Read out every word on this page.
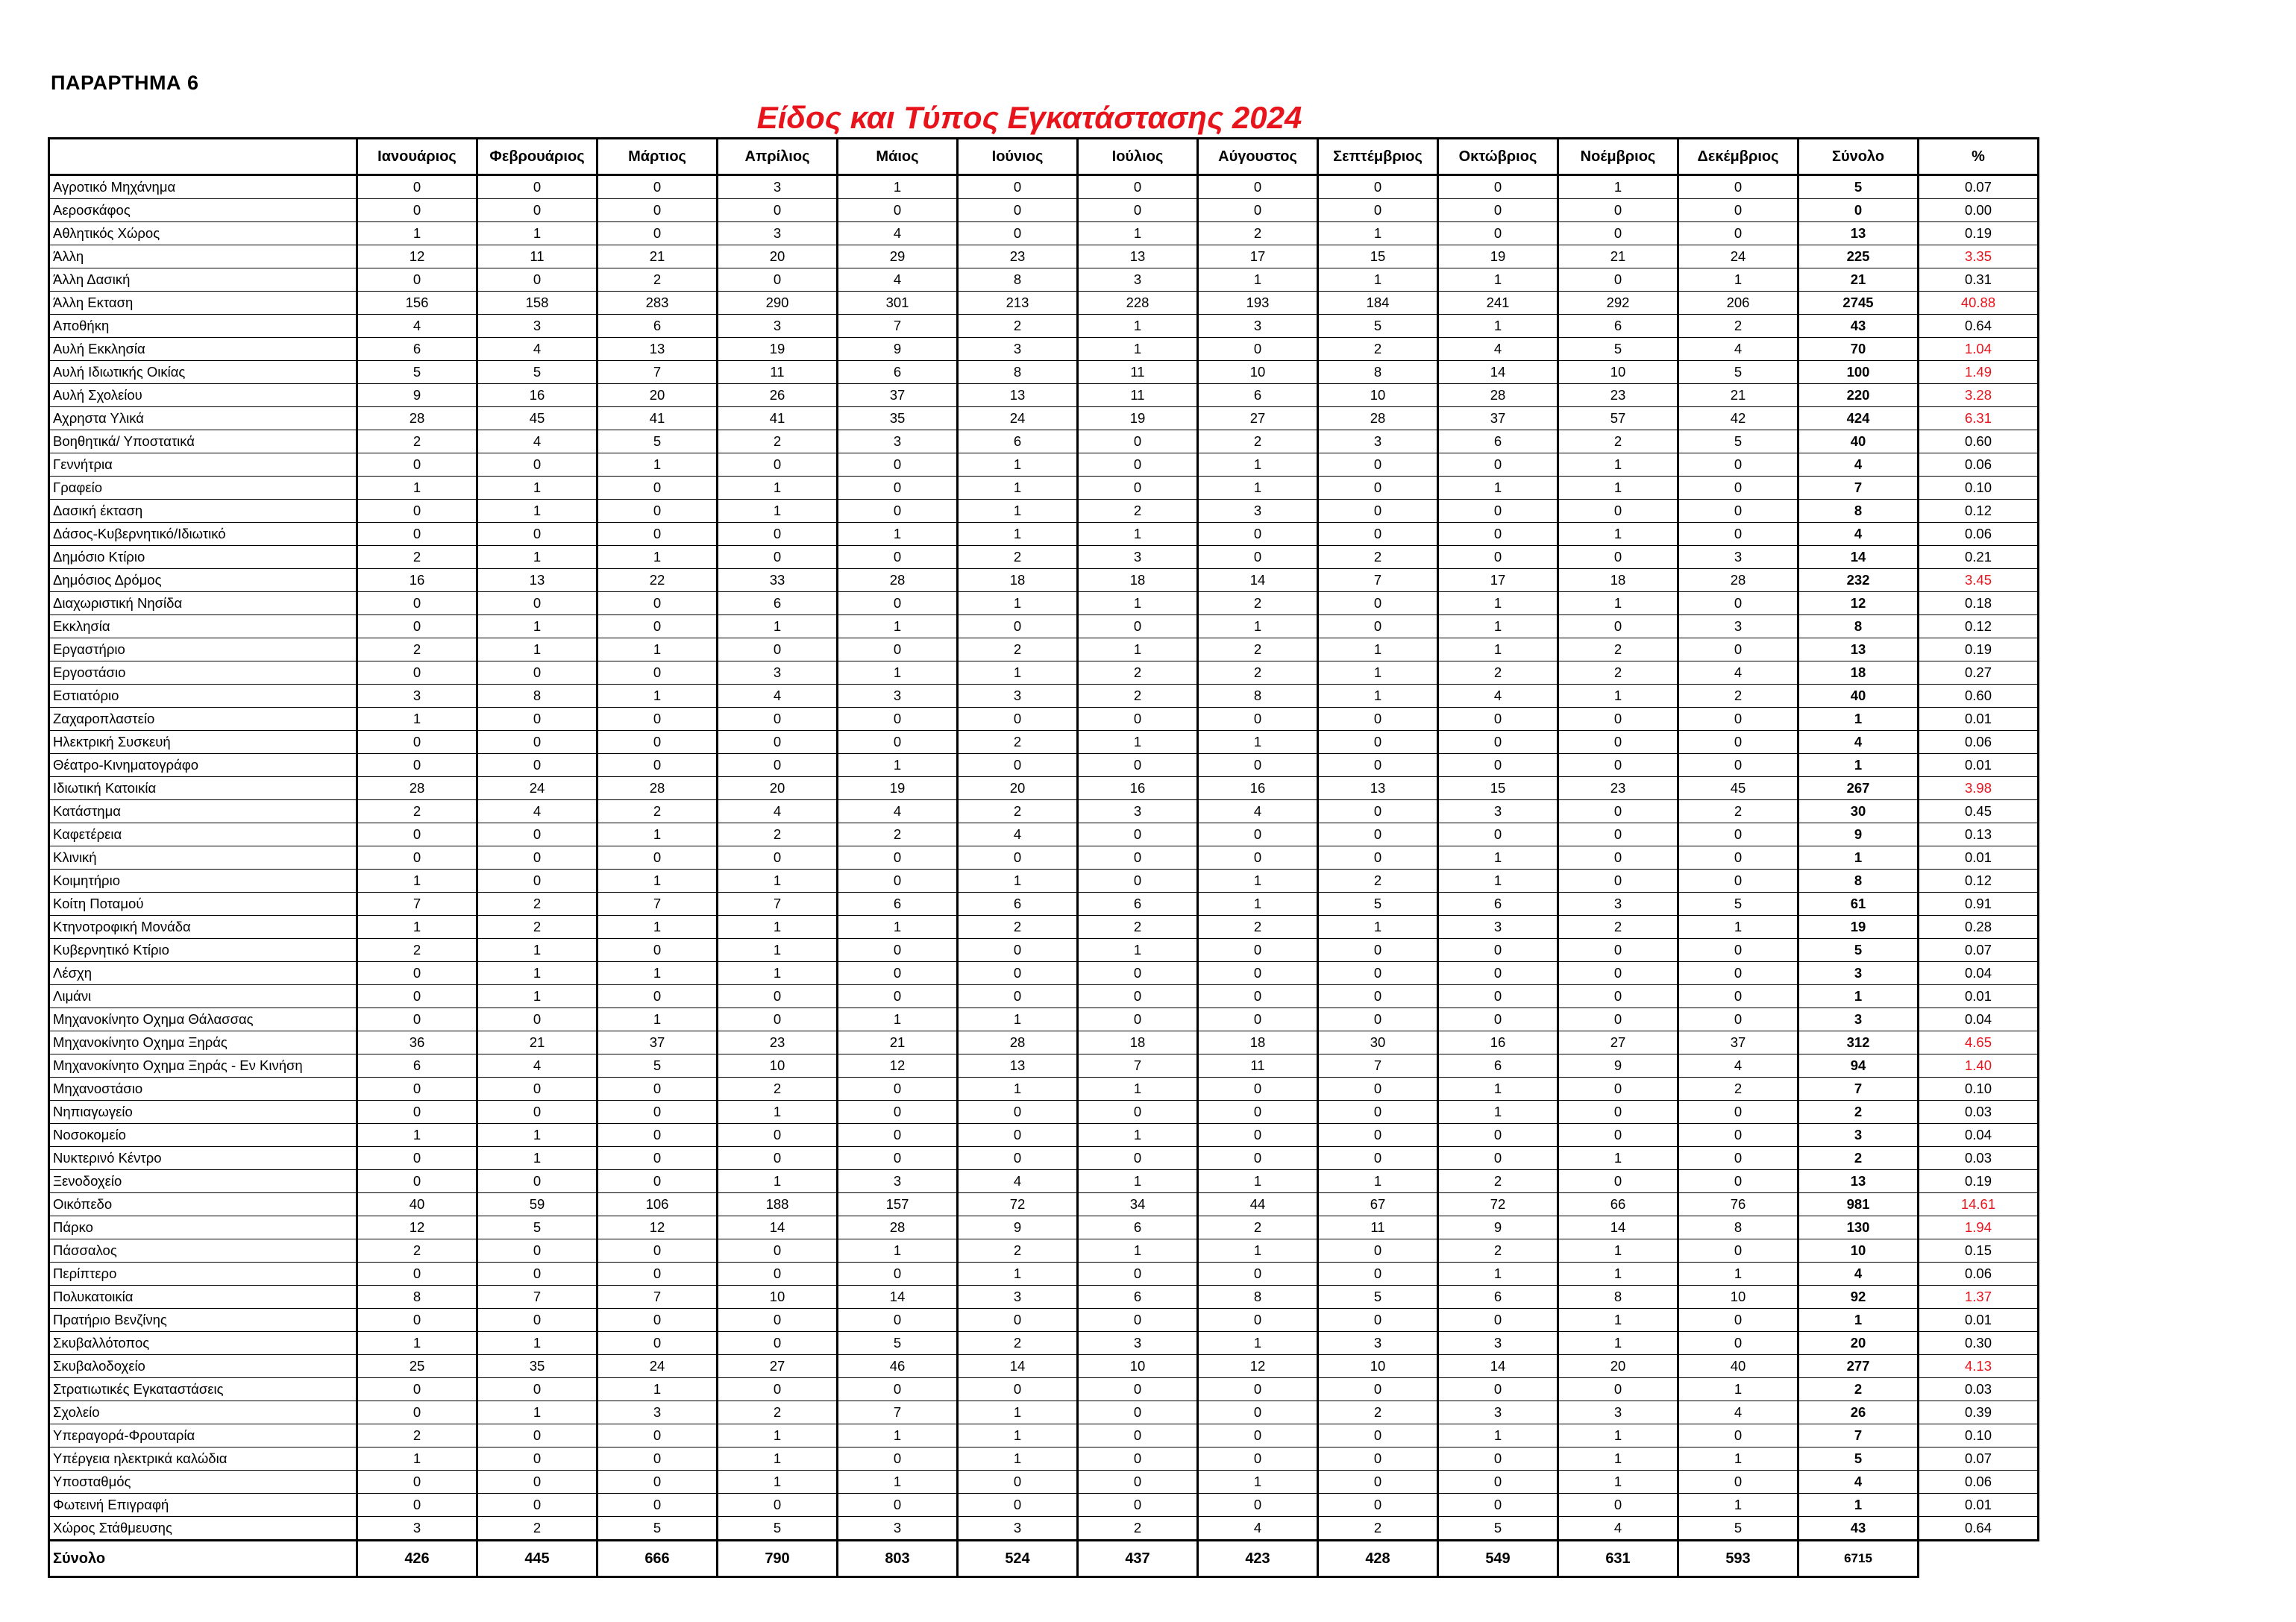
ΠΑΡΑΡΤΗΜΑ 6
Είδος και Τύπος Εγκατάστασης 2024
	Ιανουάριος	Φεβρουάριος	Μάρτιος	Απρίλιος	Μάιος	Ιούνιος	Ιούλιος	Αύγουστος	Σεπτέμβριος	Οκτώβριος	Νοέμβριος	Δεκέμβριος	Σύνολο	%
Αγροτικό Μηχάνημα	0	0	0	3	1	0	0	0	0	0	1	0	5	0.07
Αεροσκάφος	0	0	0	0	0	0	0	0	0	0	0	0	0	0.00
Αθλητικός Χώρος	1	1	0	3	4	0	1	2	1	0	0	0	13	0.19
Άλλη	12	11	21	20	29	23	13	17	15	19	21	24	225	3.35
Άλλη Δασική	0	0	2	0	4	8	3	1	1	1	0	1	21	0.31
Άλλη Εκταση	156	158	283	290	301	213	228	193	184	241	292	206	2745	40.88
Αποθήκη	4	3	6	3	7	2	1	3	5	1	6	2	43	0.64
Αυλή Εκκλησία	6	4	13	19	9	3	1	0	2	4	5	4	70	1.04
Αυλή Ιδιωτικής Οικίας	5	5	7	11	6	8	11	10	8	14	10	5	100	1.49
Αυλή Σχολείου	9	16	20	26	37	13	11	6	10	28	23	21	220	3.28
Αχρηστα Υλικά	28	45	41	41	35	24	19	27	28	37	57	42	424	6.31
Βοηθητικά/ Υποστατικά	2	4	5	2	3	6	0	2	3	6	2	5	40	0.60
Γεννήτρια	0	0	1	0	0	1	0	1	0	0	1	0	4	0.06
Γραφείο	1	1	0	1	0	1	0	1	0	1	1	0	7	0.10
Δασική έκταση	0	1	0	1	0	1	2	3	0	0	0	0	8	0.12
Δάσος-Κυβερνητικό/Ιδιωτικό	0	0	0	0	1	1	1	0	0	0	1	0	4	0.06
Δημόσιο Κτίριο	2	1	1	0	0	2	3	0	2	0	0	3	14	0.21
Δημόσιος Δρόμος	16	13	22	33	28	18	18	14	7	17	18	28	232	3.45
Διαχωριστική Νησίδα	0	0	0	6	0	1	1	2	0	1	1	0	12	0.18
Εκκλησία	0	1	0	1	1	0	0	1	0	1	0	3	8	0.12
Εργαστήριο	2	1	1	0	0	2	1	2	1	1	2	0	13	0.19
Εργοστάσιο	0	0	0	3	1	1	2	2	1	2	2	4	18	0.27
Εστιατόριο	3	8	1	4	3	3	2	8	1	4	1	2	40	0.60
Ζαχαροπλαστείο	1	0	0	0	0	0	0	0	0	0	0	0	1	0.01
Ηλεκτρική Συσκευή	0	0	0	0	0	2	1	1	0	0	0	0	4	0.06
Θέατρο-Κινηματογράφο	0	0	0	0	1	0	0	0	0	0	0	0	1	0.01
Ιδιωτική Κατοικία	28	24	28	20	19	20	16	16	13	15	23	45	267	3.98
Κατάστημα	2	4	2	4	4	2	3	4	0	3	0	2	30	0.45
Καφετέρεια	0	0	1	2	2	4	0	0	0	0	0	0	9	0.13
Κλινική	0	0	0	0	0	0	0	0	0	1	0	0	1	0.01
Κοιμητήριο	1	0	1	1	0	1	0	1	2	1	0	0	8	0.12
Κοίτη Ποταμού	7	2	7	7	6	6	6	1	5	6	3	5	61	0.91
Κτηνοτροφική Μονάδα	1	2	1	1	1	2	2	2	1	3	2	1	19	0.28
Κυβερνητικό Κτίριο	2	1	0	1	0	0	1	0	0	0	0	0	5	0.07
Λέσχη	0	1	1	1	0	0	0	0	0	0	0	0	3	0.04
Λιμάνι	0	1	0	0	0	0	0	0	0	0	0	0	1	0.01
Μηχανοκίνητο Οχημα Θάλασσας	0	0	1	0	1	1	0	0	0	0	0	0	3	0.04
Μηχανοκίνητο Οχημα Ξηράς	36	21	37	23	21	28	18	18	30	16	27	37	312	4.65
Μηχανοκίνητο Οχημα Ξηράς - Εν Κινήση	6	4	5	10	12	13	7	11	7	6	9	4	94	1.40
Μηχανοστάσιο	0	0	0	2	0	1	1	0	0	1	0	2	7	0.10
Νηπιαγωγείο	0	0	0	1	0	0	0	0	0	1	0	0	2	0.03
Νοσοκομείο	1	1	0	0	0	0	1	0	0	0	0	0	3	0.04
Νυκτερινό Κέντρο	0	1	0	0	0	0	0	0	0	0	1	0	2	0.03
Ξενοδοχείο	0	0	0	1	3	4	1	1	1	2	0	0	13	0.19
Οικόπεδο	40	59	106	188	157	72	34	44	67	72	66	76	981	14.61
Πάρκο	12	5	12	14	28	9	6	2	11	9	14	8	130	1.94
Πάσσαλος	2	0	0	0	1	2	1	1	0	2	1	0	10	0.15
Περίπτερο	0	0	0	0	0	1	0	0	0	1	1	1	4	0.06
Πολυκατοικία	8	7	7	10	14	3	6	8	5	6	8	10	92	1.37
Πρατήριο Βενζίνης	0	0	0	0	0	0	0	0	0	0	1	0	1	0.01
Σκυβαλλότοπος	1	1	0	0	5	2	3	1	3	3	1	0	20	0.30
Σκυβαλοδοχείο	25	35	24	27	46	14	10	12	10	14	20	40	277	4.13
Στρατιωτικές Εγκαταστάσεις	0	0	1	0	0	0	0	0	0	0	0	1	2	0.03
Σχολείο	0	1	3	2	7	1	0	0	2	3	3	4	26	0.39
Υπεραγορά-Φρουταρία	2	0	0	1	1	1	0	0	0	1	1	0	7	0.10
Υπέργεια ηλεκτρικά καλώδια	1	0	0	1	0	1	0	0	0	0	1	1	5	0.07
Υποσταθμός	0	0	0	1	1	0	0	1	0	0	1	0	4	0.06
Φωτεινή Επιγραφή	0	0	0	0	0	0	0	0	0	0	0	1	1	0.01
Χώρος Στάθμευσης	3	2	5	5	3	3	2	4	2	5	4	5	43	0.64
Σύνολο	426	445	666	790	803	524	437	423	428	549	631	593	6715	
